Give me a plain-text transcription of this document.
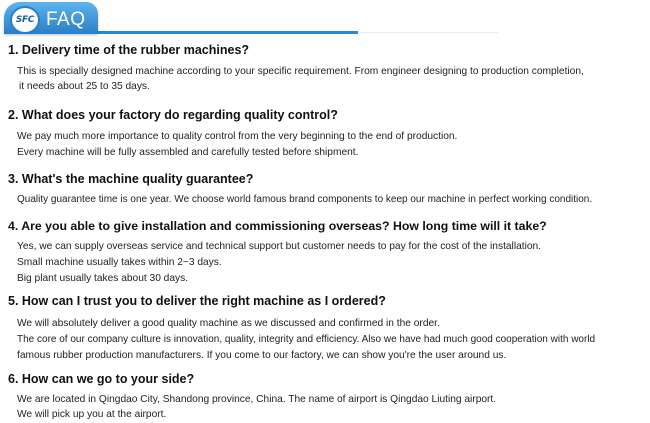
SFC FAQ
1. Delivery time of the rubber machines?
This is specially designed machine according to your specific requirement. From engineer designing to production completion,
it needs about 25 to 35 days.
2. What does your factory do regarding quality control?
We pay much more importance to quality control from the very beginning to the end of production.
Every machine will be fully assembled and carefully tested before shipment.
3. What's the machine quality guarantee?
Quality guarantee time is one year. We choose world famous brand components to keep our machine in perfect working condition.
4. Are you able to give installation and commissioning overseas? How long time will it take?
Yes, we can supply overseas service and technical support but customer needs to pay for the cost of the installation.
Small machine usually takes within 2~3 days.
Big plant usually takes about 30 days.
5. How can I trust you to deliver the right machine as I ordered?
We will absolutely deliver a good quality machine as we discussed and confirmed in the order.
The core of our company culture is innovation, quality, integrity and efficiency. Also we have had much good cooperation with world
famous rubber production manufacturers. If you come to our factory, we can show you're the user around us.
6. How can we go to your side?
We are located in Qingdao City, Shandong province, China. The name of airport is Qingdao Liuting airport.
We will pick up you at the airport.
